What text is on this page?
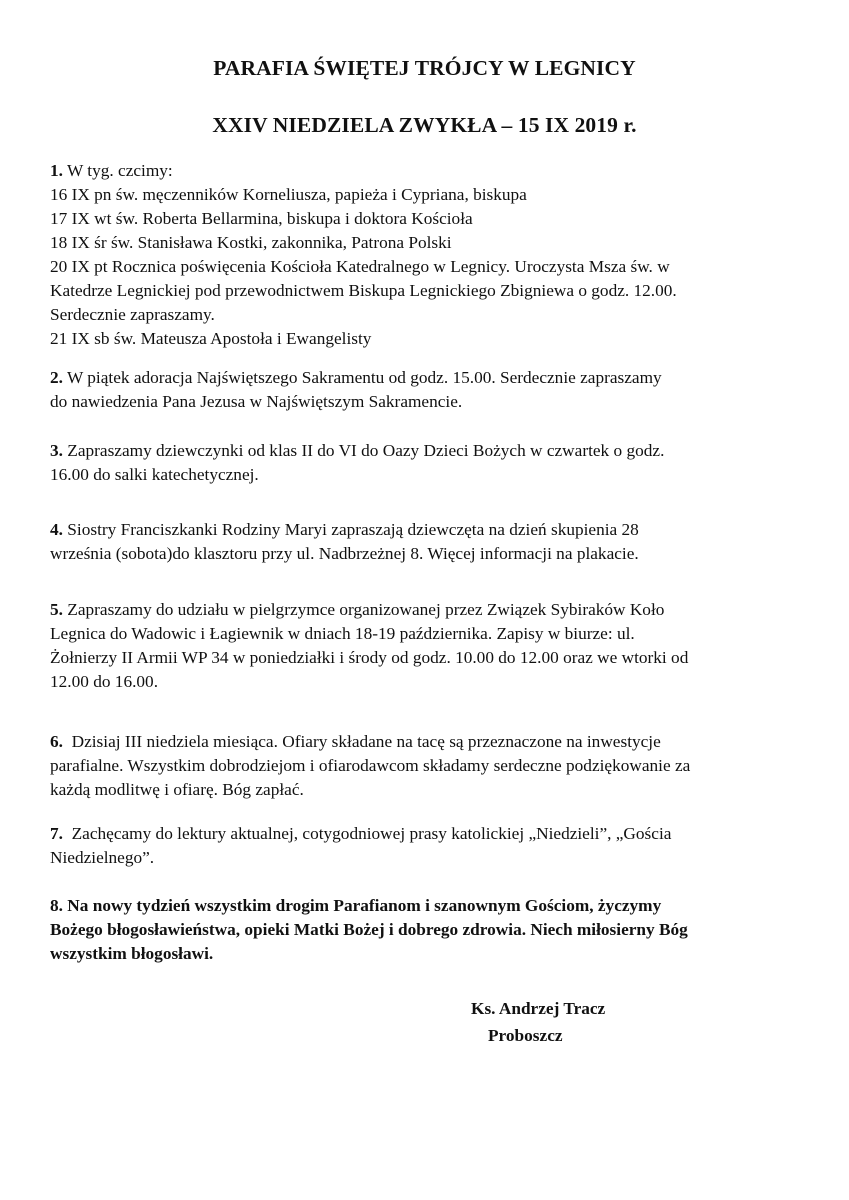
PARAFIA ŚWIĘTEJ TRÓJCY W LEGNICY
XXIV NIEDZIELA ZWYKŁA – 15 IX 2019 r.
1. W tyg. czcimy:
16 IX pn św. męczenników Korneliusza, papieża i Cypriana, biskupa
17 IX wt św. Roberta Bellarmina, biskupa i doktora Kościoła
18 IX śr św. Stanisława Kostki, zakonnika, Patrona Polski
20 IX pt Rocznica poświęcenia Kościoła Katedralnego w Legnicy. Uroczysta Msza św. w
Katedrze Legnickiej pod przewodnictwem Biskupa Legnickiego Zbigniewa o godz. 12.00.
Serdecznie zapraszamy.
21 IX sb św. Mateusza Apostoła i Ewangelisty
2. W piątek adoracja Najświętszego Sakramentu od godz. 15.00. Serdecznie zapraszamy
do nawiedzenia Pana Jezusa w Najświętszym Sakramencie.
3. Zapraszamy dziewczynki od klas II do VI do Oazy Dzieci Bożych w czwartek o godz.
16.00 do salki katechetycznej.
4. Siostry Franciszkanki Rodziny Maryi zapraszają dziewczęta na dzień skupienia 28
września (sobota)do klasztoru przy ul. Nadbrzeżnej 8. Więcej informacji na plakacie.
5. Zapraszamy do udziału w pielgrzymce organizowanej przez Związek Sybiraków Koło
Legnica do Wadowic i Łagiewnik w dniach 18-19 października. Zapisy w biurze: ul.
Żołnierzy II Armii WP 34 w poniedziałki i środy od godz. 10.00 do 12.00 oraz we wtorki od
12.00 do 16.00.
6.  Dzisiaj III niedziela miesiąca. Ofiary składane na tacę są przeznaczone na inwestycje
parafialne. Wszystkim dobrodziejom i ofiarodawcom składamy serdeczne podziękowanie za
każdą modlitwę i ofiarę. Bóg zapłać.
7.  Zachęcamy do lektury aktualnej, cotygodniowej prasy katolickiej „Niedzieli”, „Gościa
Niedzielnego”.
8. Na nowy tydzień wszystkim drogim Parafianom i szanownym Gościom, życzymy
Bożego błogosławieństwa, opieki Matki Bożej i dobrego zdrowia. Niech miłosierny Bóg
wszystkim błogosławi.
Ks. Andrzej Tracz
Proboszcz
